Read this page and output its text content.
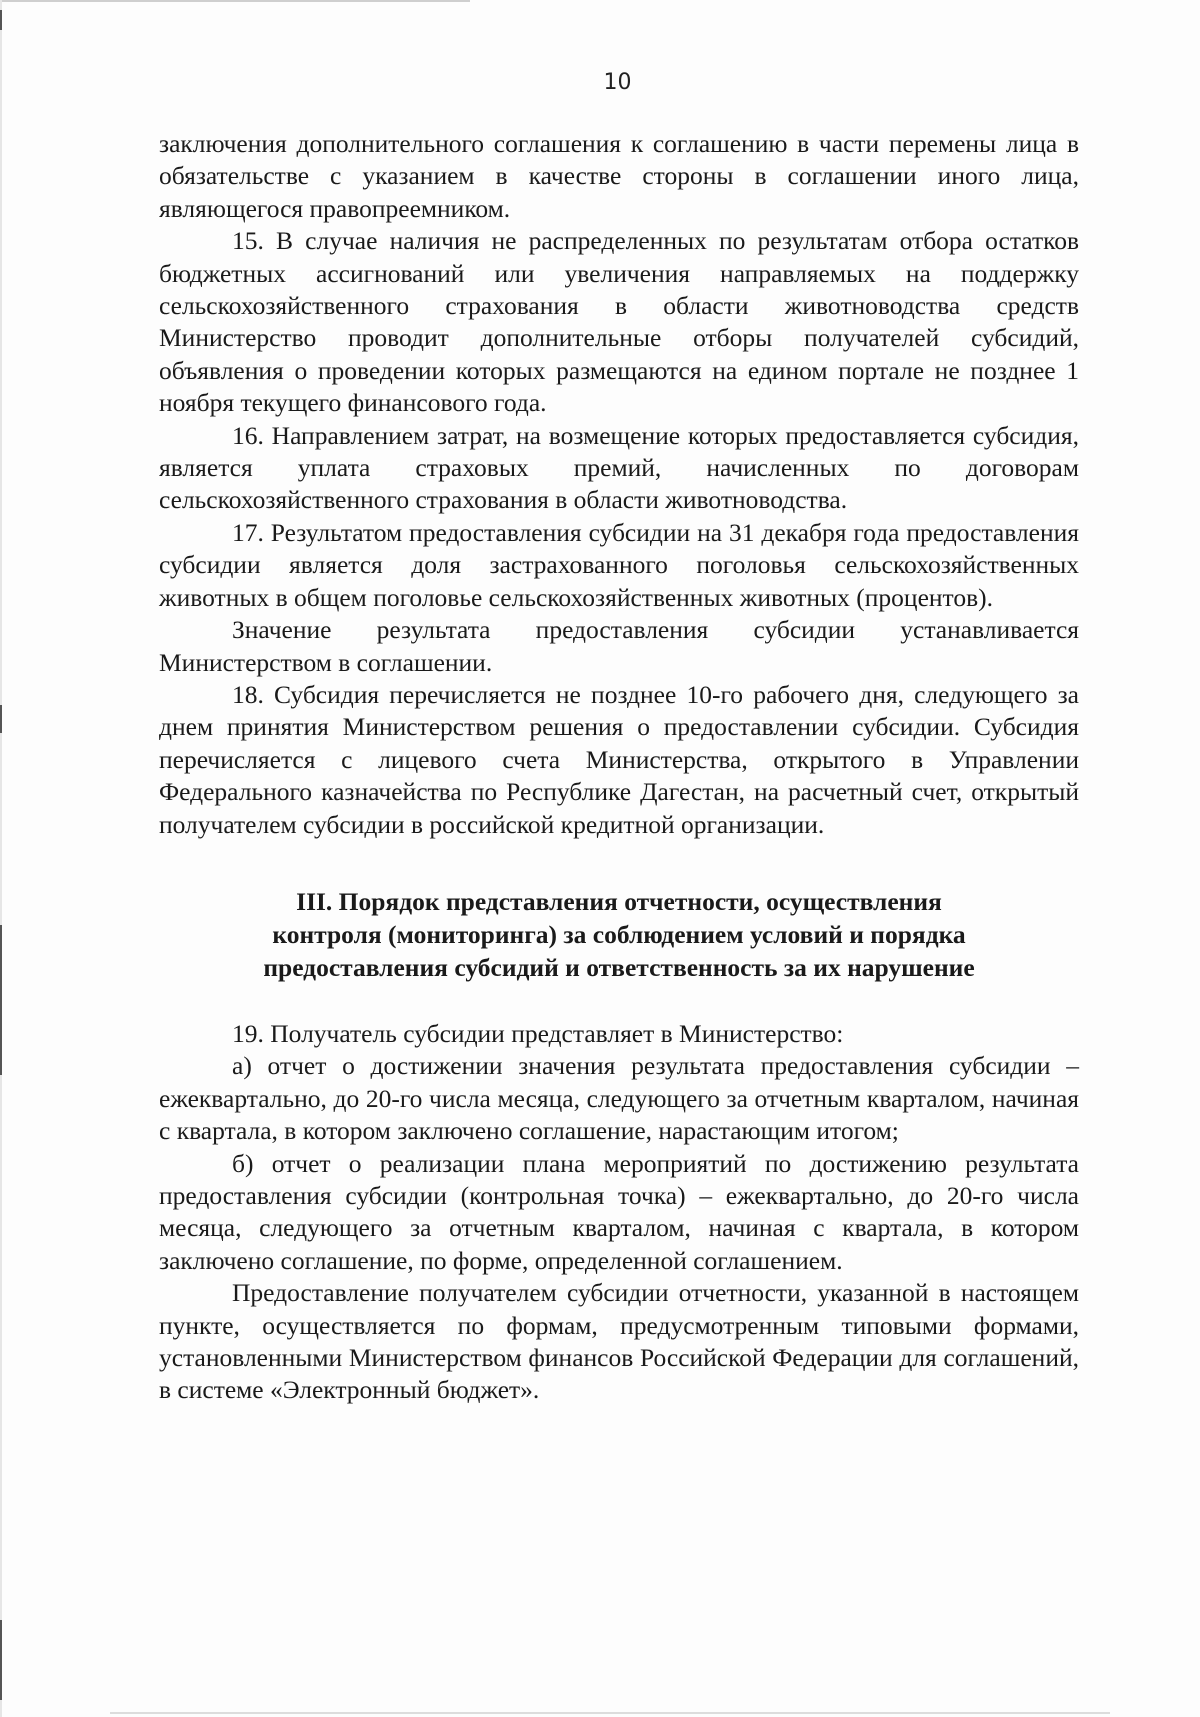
10

заключения дополнительного соглашения к соглашению в части перемены лица в обязательстве с указанием в качестве стороны в соглашении иного лица, являющегося правопреемником.

15. В случае наличия не распределенных по результатам отбора остатков бюджетных ассигнований или увеличения направляемых на поддержку сельскохозяйственного страхования в области животноводства средств Министерство проводит дополнительные отборы получателей субсидий, объявления о проведении которых размещаются на едином портале не позднее 1 ноября текущего финансового года.

16. Направлением затрат, на возмещение которых предоставляется субсидия, является уплата страховых премий, начисленных по договорам сельскохозяйственного страхования в области животноводства.

17. Результатом предоставления субсидии на 31 декабря года предоставления субсидии является доля застрахованного поголовья сельскохозяйственных животных в общем поголовье сельскохозяйственных животных (процентов).

Значение результата предоставления субсидии устанавливается Министерством в соглашении.

18. Субсидия перечисляется не позднее 10-го рабочего дня, следующего за днем принятия Министерством решения о предоставлении субсидии. Субсидия перечисляется с лицевого счета Министерства, открытого в Управлении Федерального казначейства по Республике Дагестан, на расчетный счет, открытый получателем субсидии в российской кредитной организации.

III. Порядок представления отчетности, осуществления
контроля (мониторинга) за соблюдением условий и порядка
предоставления субсидий и ответственность за их нарушение

19. Получатель субсидии представляет в Министерство:

а) отчет о достижении значения результата предоставления субсидии – ежеквартально, до 20-го числа месяца, следующего за отчетным кварталом, начиная с квартала, в котором заключено соглашение, нарастающим итогом;

б) отчет о реализации плана мероприятий по достижению результата предоставления субсидии (контрольная точка) – ежеквартально, до 20-го числа месяца, следующего за отчетным кварталом, начиная с квартала, в котором заключено соглашение, по форме, определенной соглашением.

Предоставление получателем субсидии отчетности, указанной в настоящем пункте, осуществляется по формам, предусмотренным типовыми формами, установленными Министерством финансов Российской Федерации для соглашений, в системе «Электронный бюджет».
